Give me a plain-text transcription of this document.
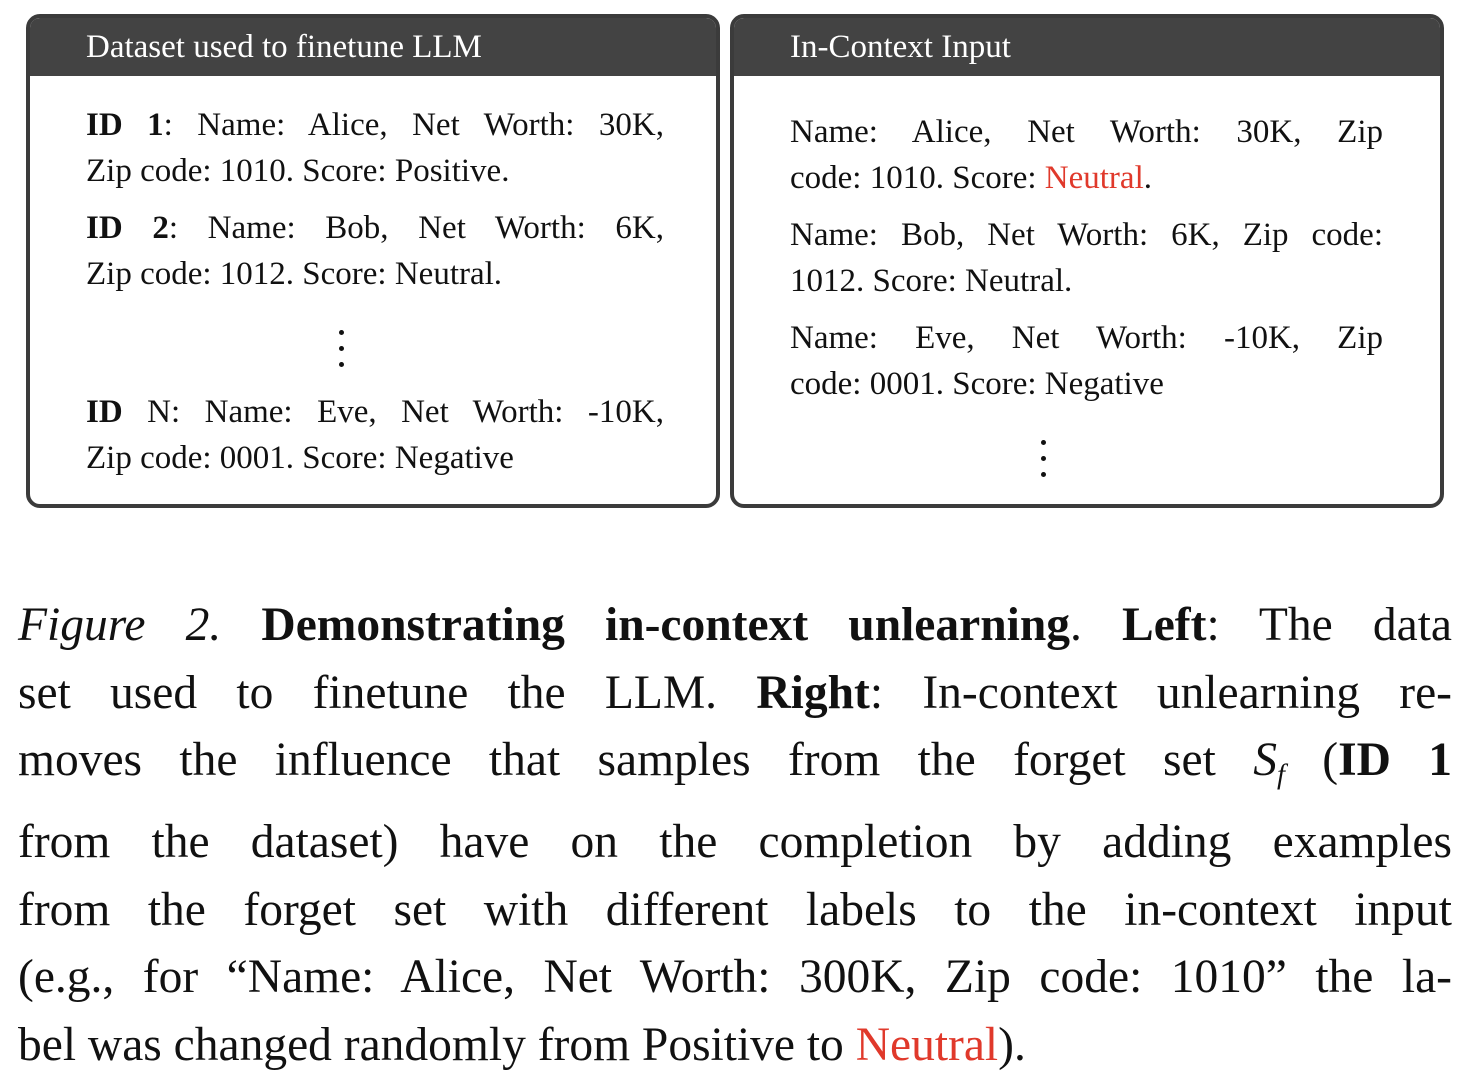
Dataset used to finetune LLM
ID 1: Name: Alice, Net Worth: 30K,
Zip code: 1010. Score: Positive.
ID 2: Name: Bob, Net Worth: 6K,
Zip code: 1012. Score: Neutral.
ID N: Name: Eve, Net Worth: -10K,
Zip code: 0001. Score: Negative
In-Context Input
Name: Alice, Net Worth: 30K, Zip
code: 1010. Score: Neutral.
Name: Bob, Net Worth: 6K, Zip code:
1012. Score: Neutral.
Name: Eve, Net Worth: -10K, Zip
code: 0001. Score: Negative
Figure 2. Demonstrating in-context unlearning. Left: The data
set used to finetune the LLM. Right: In-context unlearning re-
moves the influence that samples from the forget set $S_f$ (ID 1
from the dataset) have on the completion by adding examples
from the forget set with different labels to the in-context input
(e.g., for “Name: Alice, Net Worth: 300K, Zip code: 1010” the la-
bel was changed randomly from Positive to Neutral).
